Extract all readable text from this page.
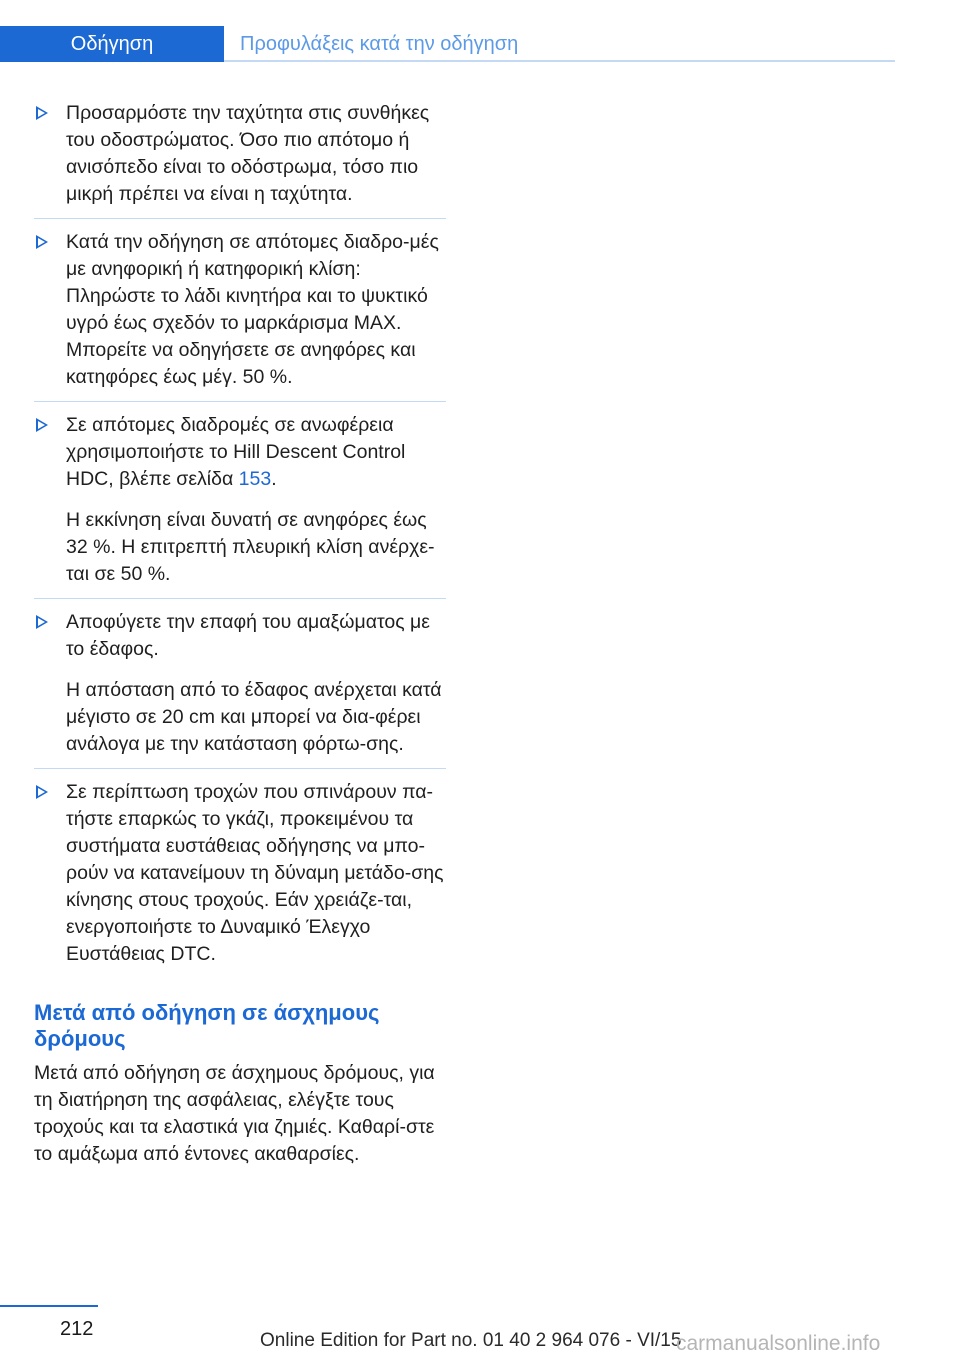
Οδήγηση	Προφυλάξεις κατά την οδήγηση

Προσαρμόστε την ταχύτητα στις συνθήκες του οδοστρώματος. Όσο πιο απότομο ή ανισόπεδο είναι το οδόστρωμα, τόσο πιο μικρή πρέπει να είναι η ταχύτητα.

Κατά την οδήγηση σε απότομες διαδρο-μές με ανηφορική ή κατηφορική κλίση: Πληρώστε το λάδι κινητήρα και το ψυκτικό υγρό έως σχεδόν το μαρκάρισμα MAX. Μπορείτε να οδηγήσετε σε ανηφόρες και κατηφόρες έως μέγ. 50 %.

Σε απότομες διαδρομές σε ανωφέρεια χρησιμοποιήστε το Hill Descent Control HDC, βλέπε σελίδα 153.

Η εκκίνηση είναι δυνατή σε ανηφόρες έως 32 %. Η επιτρεπτή πλευρική κλίση ανέρχε-ται σε 50 %.

Αποφύγετε την επαφή του αμαξώματος με το έδαφος.

Η απόσταση από το έδαφος ανέρχεται κατά μέγιστο σε 20 cm και μπορεί να δια-φέρει ανάλογα με την κατάσταση φόρτω-σης.

Σε περίπτωση τροχών που σπινάρουν πα-τήστε επαρκώς το γκάζι, προκειμένου τα συστήματα ευστάθειας οδήγησης να μπο-ρούν να κατανείμουν τη δύναμη μετάδο-σης κίνησης στους τροχούς. Εάν χρειάζε-ται, ενεργοποιήστε το Δυναμικό Έλεγχο Ευστάθειας DTC.

Μετά από οδήγηση σε άσχημους δρόμους

Μετά από οδήγηση σε άσχημους δρόμους, για τη διατήρηση της ασφάλειας, ελέγξτε τους τροχούς και τα ελαστικά για ζημιές. Καθαρί-στε το αμάξωμα από έντονες ακαθαρσίες.

212
Online Edition for Part no. 01 40 2 964 076 - VI/15
carmanualsonline.info
